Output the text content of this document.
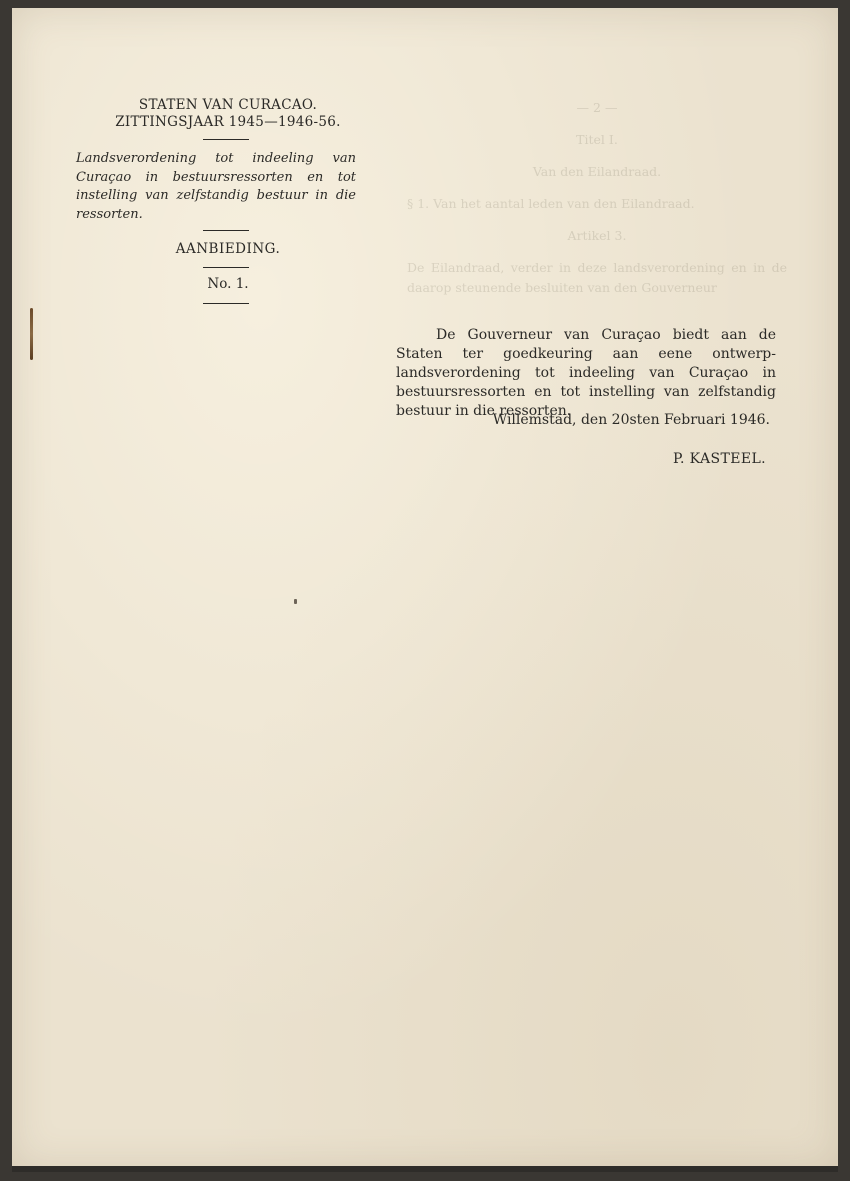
— 2 —

Titel I.

Van den Eilandraad.

§ 1. Van het aantal leden van den Eilandraad.

Artikel 3.

De Eilandraad, verder in deze landsverordening en in de daarop steunende besluiten van den Gouverneur

STATEN VAN CURACAO.
ZITTINGSJAAR 1945—1946-56.
Landsverordening tot indeeling van Curaçao in bestuursressorten en tot instelling van zelfstandig bestuur in die ressorten.
AANBIEDING.
No. 1.
De Gouverneur van Curaçao biedt aan de Staten ter goedkeuring aan eene ontwerp-landsverordening tot indeeling van Curaçao in bestuursressorten en tot instelling van zelfstandig bestuur in die ressorten.
Willemstad, den 20sten Februari 1946.
P. KASTEEL.
